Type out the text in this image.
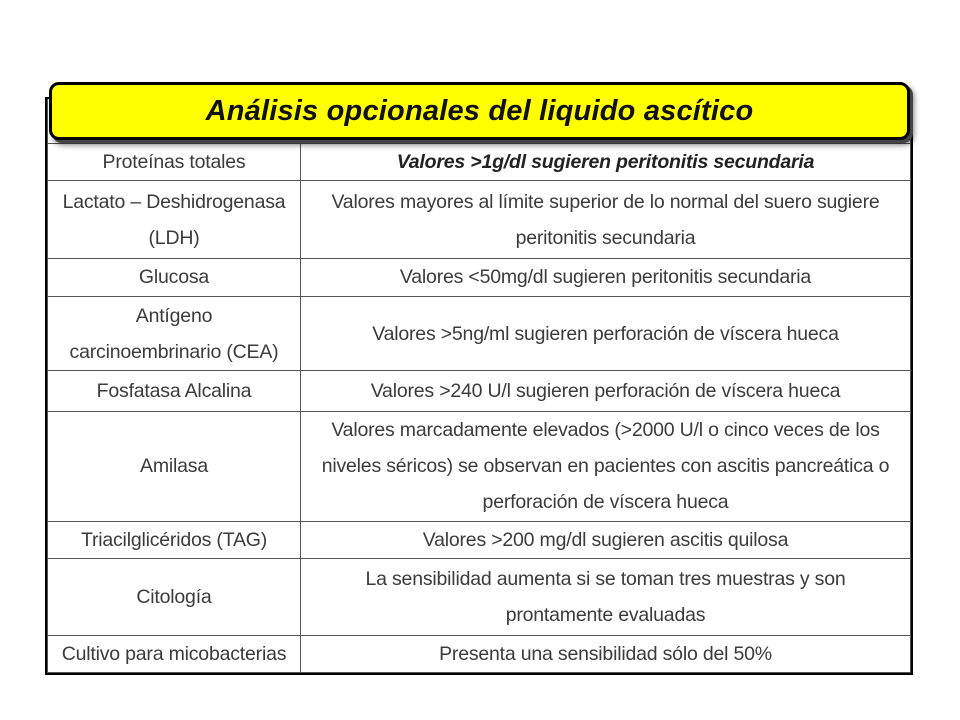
Proteínas totales	Valores >1g/dl sugieren peritonitis secundaria
Lactato – Deshidrogenasa (LDH)	Valores mayores al límite superior de lo normal del suero sugiere peritonitis secundaria
Glucosa	Valores <50mg/dl sugieren peritonitis secundaria
Antígeno carcinoembrinario (CEA)	Valores >5ng/ml sugieren perforación de víscera hueca
Fosfatasa Alcalina	Valores >240 U/l sugieren perforación de víscera hueca
Amilasa	Valores marcadamente elevados (>2000 U/l o cinco veces de los niveles séricos) se observan en pacientes con ascitis pancreática o perforación de víscera hueca
Triacilglicéridos (TAG)	Valores >200 mg/dl sugieren ascitis quilosa
Citología	La sensibilidad aumenta si se toman tres muestras y son prontamente evaluadas
Cultivo para micobacterias	Presenta una sensibilidad sólo del 50%
Análisis opcionales del liquido ascítico
